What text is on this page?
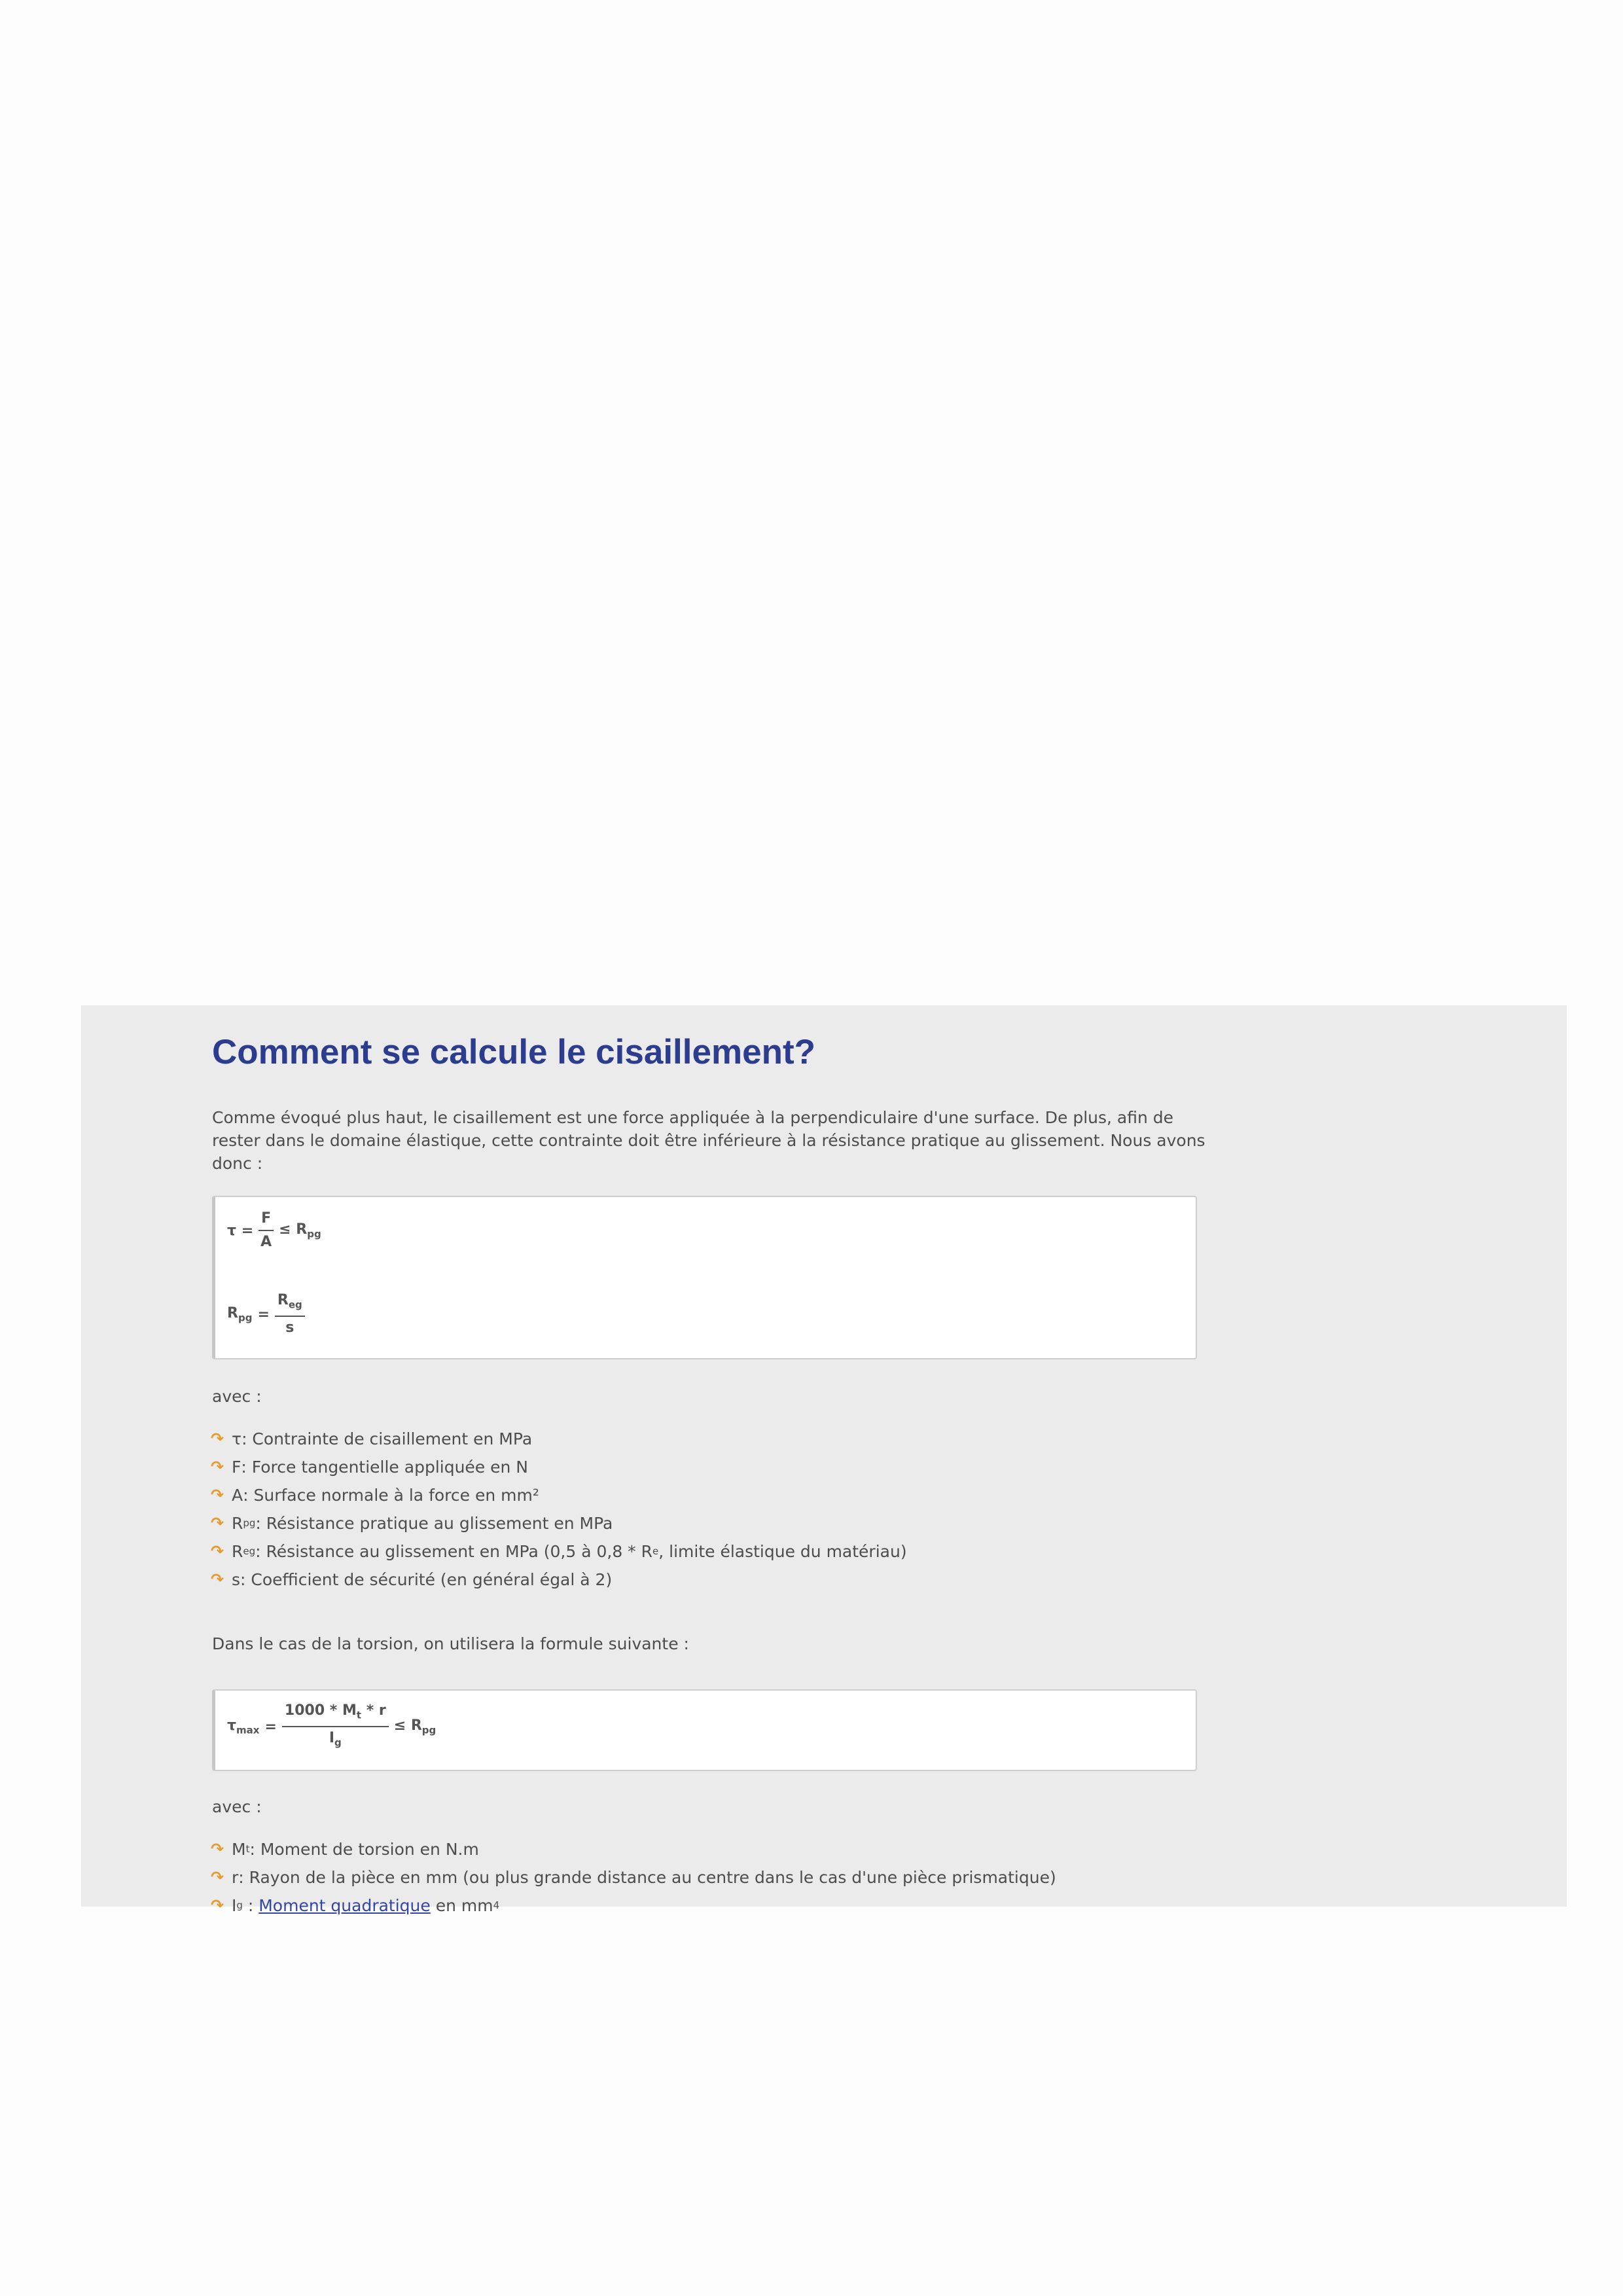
Comment se calcule le cisaillement?

Comme évoqué plus haut, le cisaillement est une force appliquée à la perpendiculaire d'une surface. De plus, afin de rester dans le domaine élastique, cette contrainte doit être inférieure à la résistance pratique au glissement. Nous avons donc :

$\tau = \frac{F}{A} \le R_{pg}$
$R_{pg} = \frac{R_{eg}}{s}$
avec :
↷ τ : Contrainte de cisaillement en MPa
↷ F : Force tangentielle appliquée en N
↷ A : Surface normale à la force en mm²
↷ R pg : Résistance pratique au glissement en MPa
↷ R eg : Résistance au glissement en MPa (0,5 à 0,8 * R e , limite élastique du matériau)
↷ s : Coefficient de sécurité (en général égal à 2)
Dans le cas de la torsion, on utilisera la formule suivante :
$\tau_{max} = \frac{1000 * M_t * r}{I_g} \le R_{pg}$
avec :
↷ M t : Moment de torsion en N.m
↷ r : Rayon de la pièce en mm (ou plus grande distance au centre dans le cas d'une pièce prismatique)
↷ I g : Moment quadratique en mm 4
